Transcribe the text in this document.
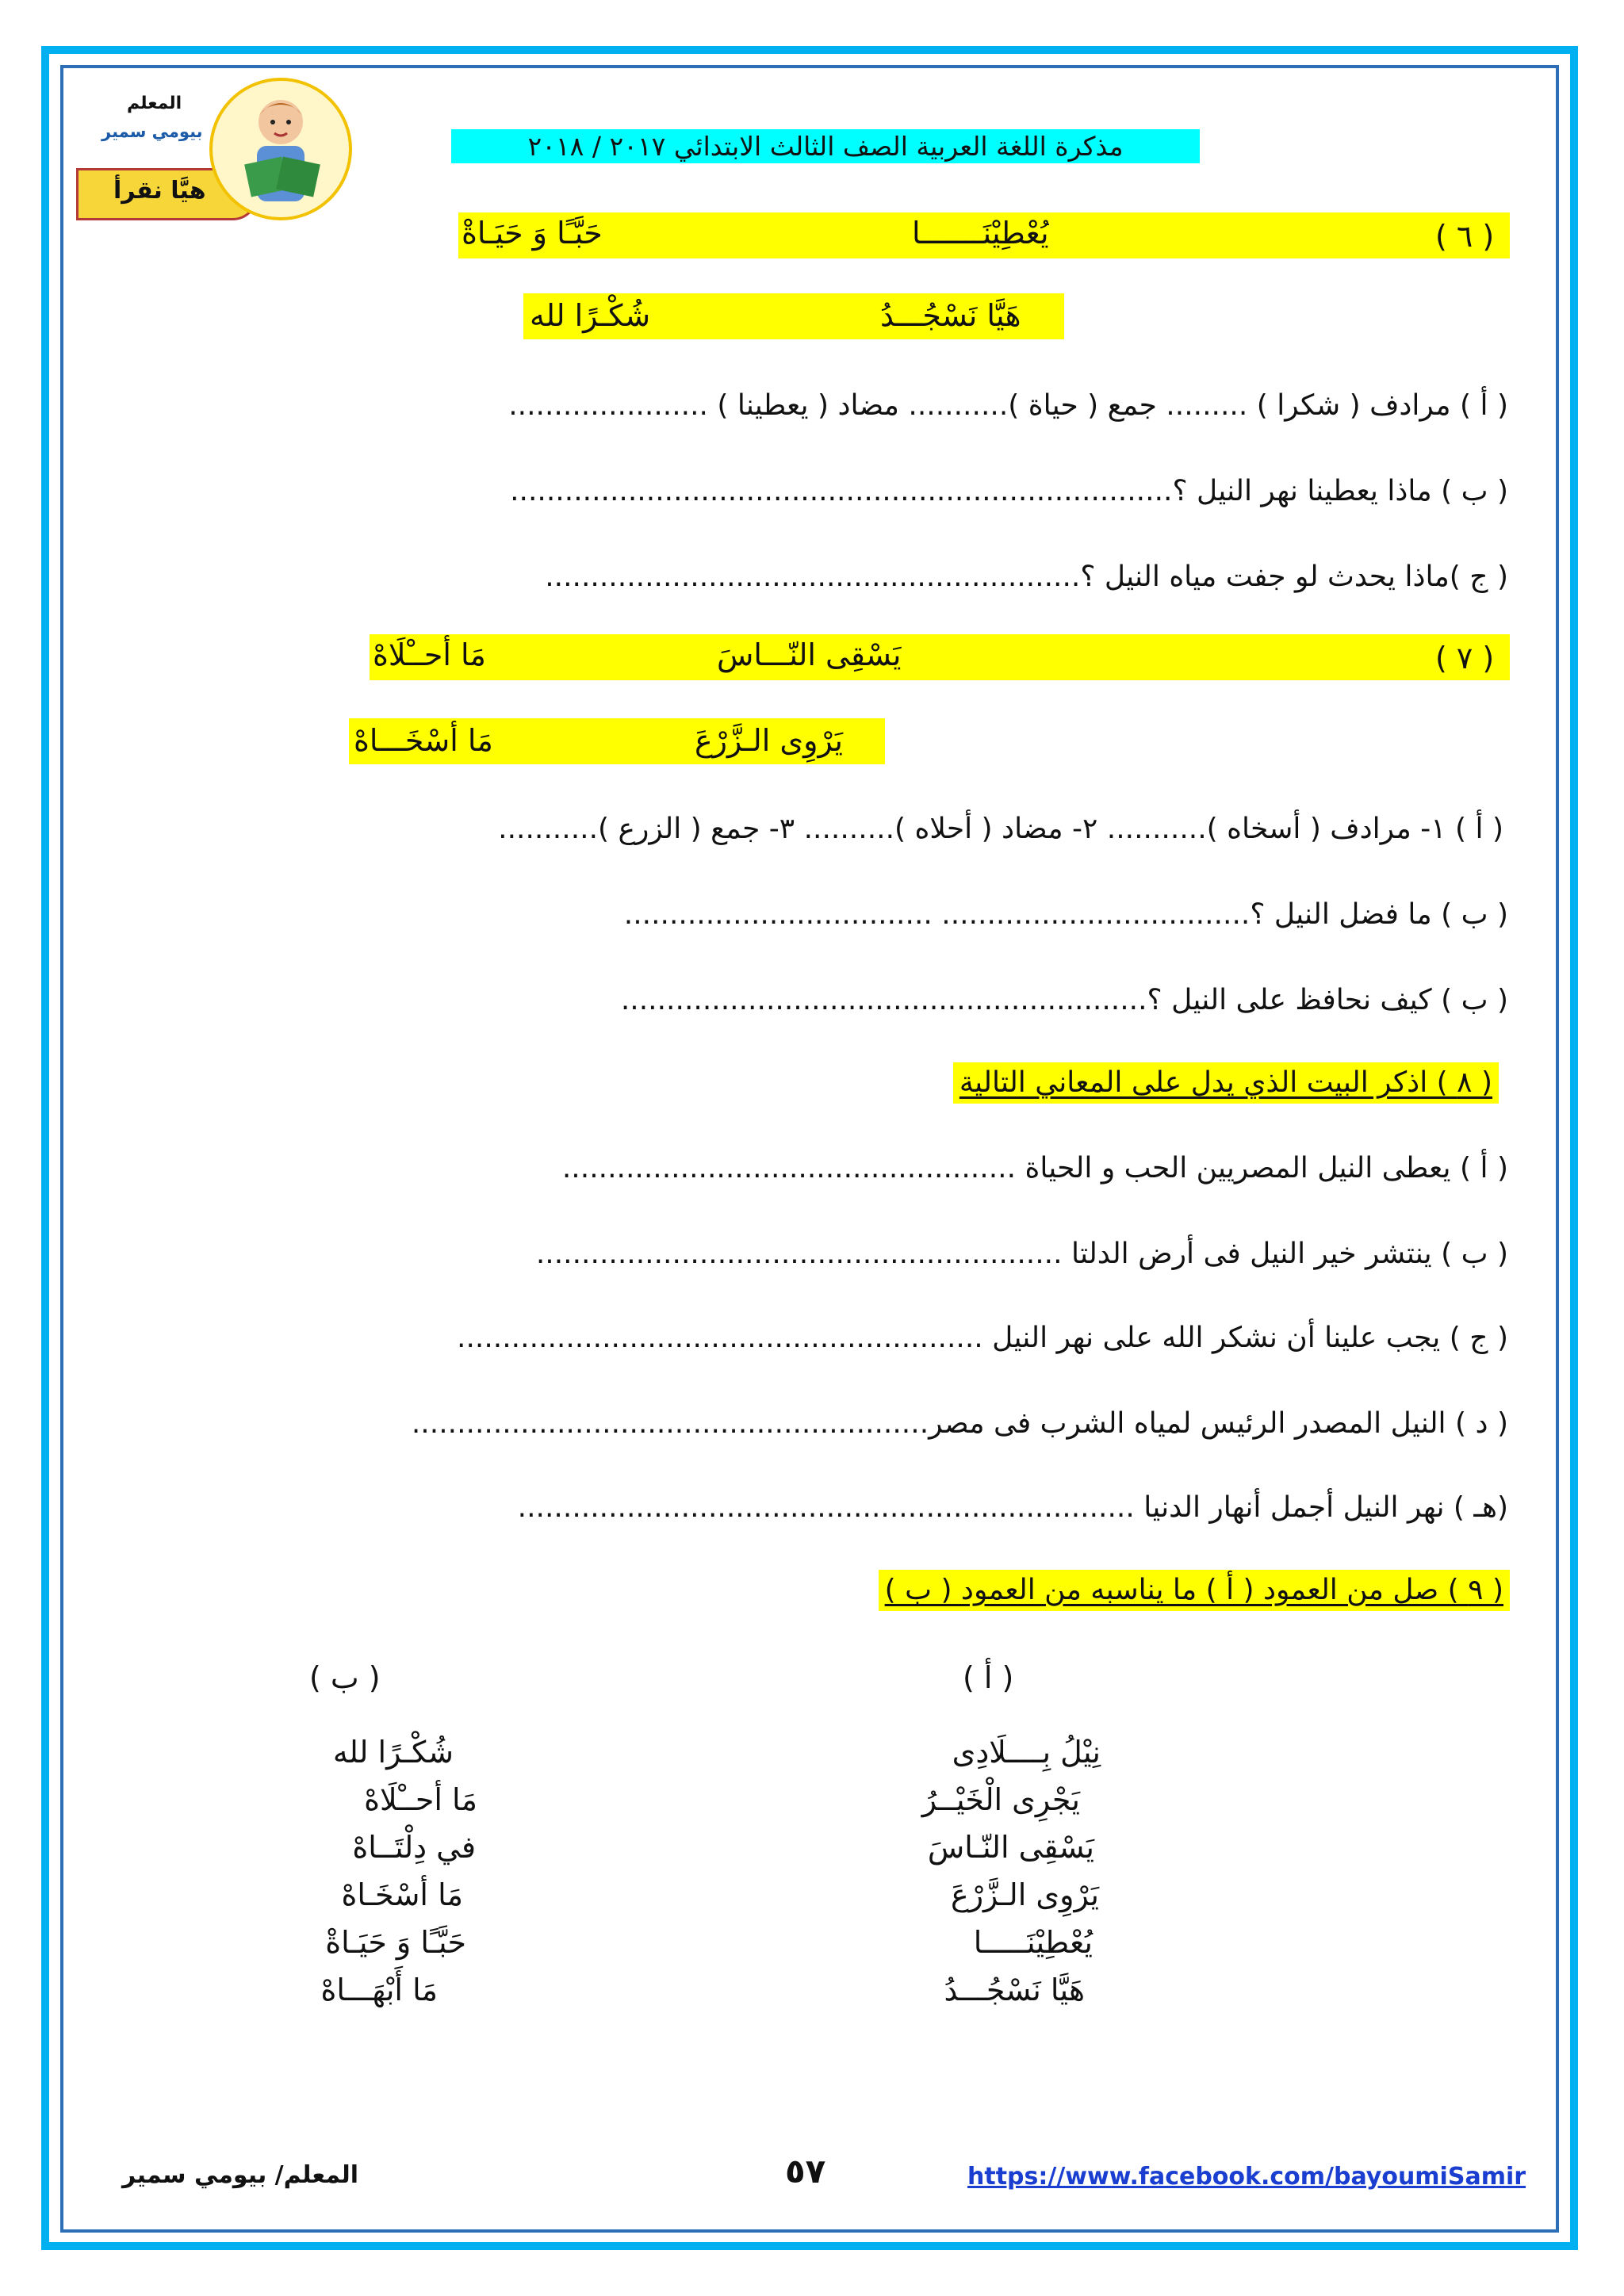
المعلم
بيومي سمير
هيَّا نقرأ
مذكرة اللغة العربية الصف الثالث الابتدائي ٢٠١٧ / ٢٠١٨
( ٦ )
يُعْطِيْنَـــــــا
حَبَّـًا وَ حَيَـاةْ
هَيَّا نَسْجُـــدُ
شُكْـرًا لله
( أ ) مرادف ( شكرا ) ......... جمع ( حياة )........... مضاد ( يعطينا ) ......................
( ب ) ماذا يعطينا نهر النيل ؟.........................................................................
( ج )ماذا يحدث لو جفت مياه النيل ؟...........................................................
( ٧ )
يَسْقِى النّـــاسَ
مَا أحــْلَاهْ
يَرْوِى الـزَّرْعَ
مَا أسْخَـــاهْ
( أ ) ١- مرادف ( أسخاه )........... ٢- مضاد ( أحلاه ).......... ٣- جمع ( الزرع )...........
( ب ) ما فضل النيل ؟.................................. ..................................
( ب ) كيف نحافظ على النيل ؟..........................................................
( ٨ ) اذكر البيت الذي يدل على المعاني التالية
( أ ) يعطى النيل المصريين الحب و الحياة ..................................................
( ب ) ينتشر خير النيل فى أرض الدلتا ..........................................................
( ج ) يجب علينا أن نشكر الله على نهر النيل ..........................................................
( د ) النيل المصدر الرئيس لمياه الشرب فى مصر.........................................................
(هـ ) نهر النيل أجمل أنهار الدنيا ....................................................................
( ٩ ) صل من العمود ( أ ) ما يناسبه من العمود ( ب )
( أ )
( ب )
نِيْلُ بِــــلَادِى
يَجْرِى الْخَيْــرُ
يَسْقِى النّـاسَ
يَرْوِى الـزَّرْعَ
يُعْطِيْنَـــــا
هَيَّا نَسْجُـــدُ
شُكْـرًا لله
مَا أحــْلَاهْ
في دِلْتَــاهْ
مَا أسْخَـاهْ
حَبَّـًا وَ حَيَـاةْ
مَا أَبْهَـــاهْ
المعلم/ بيومي سمير	٥٧	https://www.facebook.com/bayoumiSamir
